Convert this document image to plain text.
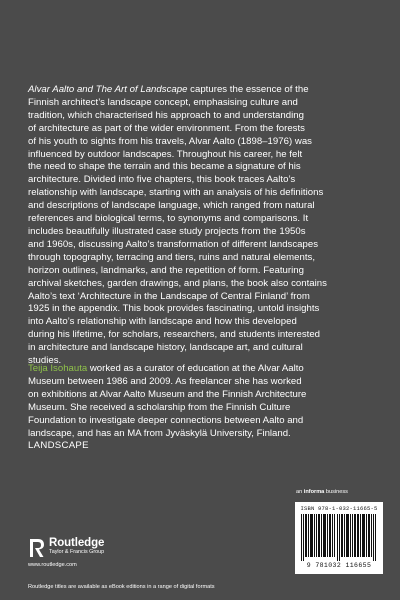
Alvar Aalto and The Art of Landscape captures the essence of the

Finnish architect’s landscape concept, emphasising culture and

tradition, which characterised his approach to and understanding

of architecture as part of the wider environment. From the forests

of his youth to sights from his travels, Alvar Aalto (1898–1976) was

influenced by outdoor landscapes. Throughout his career, he felt

the need to shape the terrain and this became a signature of his

architecture. Divided into five chapters, this book traces Aalto’s

relationship with landscape, starting with an analysis of his definitions

and descriptions of landscape language, which ranged from natural

references and biological terms, to synonyms and comparisons. It

includes beautifully illustrated case study projects from the 1950s

and 1960s, discussing Aalto’s transformation of different landscapes

through topography, terracing and tiers, ruins and natural elements,

horizon outlines, landmarks, and the repetition of form. Featuring

archival sketches, garden drawings, and plans, the book also contains

Aalto’s text ‘Architecture in the Landscape of Central Finland’ from

1925 in the appendix. This book provides fascinating, untold insights

into Aalto’s relationship with landscape and how this developed

during his lifetime, for scholars, researchers, and students interested

in architecture and landscape history, landscape art, and cultural

studies.

Teija Isohauta worked as a curator of education at the Alvar Aalto

Museum between 1986 and 2009. As freelancer she has worked

on exhibitions at Alvar Aalto Museum and the Finnish Architecture

Museum. She received a scholarship from the Finnish Culture

Foundation to investigate deeper connections between Aalto and

landscape, and has an MA from Jyväskylä University, Finland.

LANDSCAPE
an informa business
ISBN 978-1-032-11665-5
9 781032 116655
Routledge
Taylor & Francis Group
www.routledge.com
Routledge titles are available as eBook editions in a range of digital formats
